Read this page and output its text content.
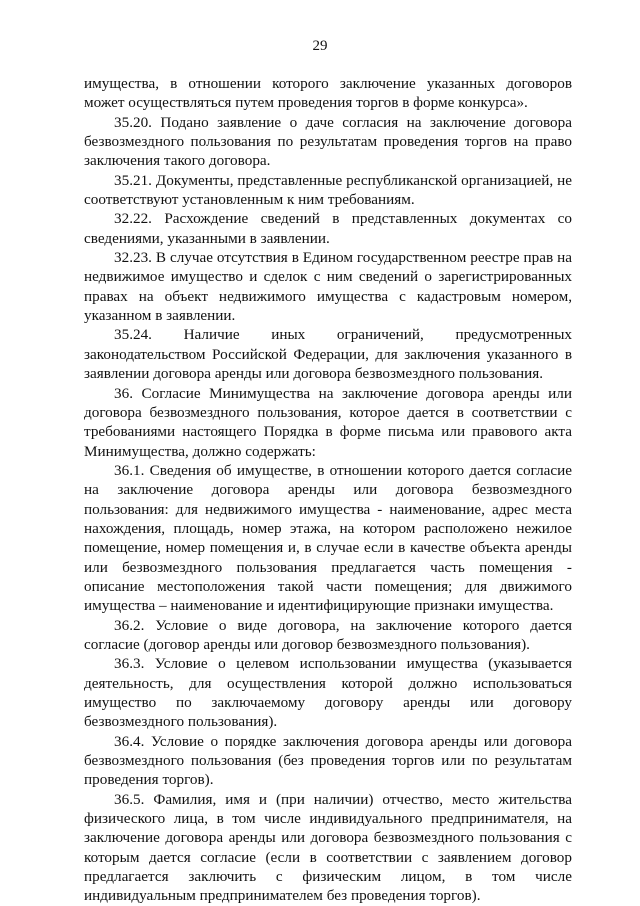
29

имущества, в отношении которого заключение указанных договоров может осуществляться путем проведения торгов в форме конкурса».

35.20. Подано заявление о даче согласия на заключение договора безвозмездного пользования по результатам проведения торгов на право заключения такого договора.

35.21. Документы, представленные республиканской организацией, не соответствуют установленным к ним требованиям.

32.22. Расхождение сведений в представленных документах со сведениями, указанными в заявлении.

32.23. В случае отсутствия в Едином государственном реестре прав на недвижимое имущество и сделок с ним сведений о зарегистрированных правах на объект недвижимого имущества с кадастровым номером, указанном в заявлении.

35.24. Наличие иных ограничений, предусмотренных законодательством Российской Федерации, для заключения указанного в заявлении договора аренды или договора безвозмездного пользования.

36. Согласие Минимущества на заключение договора аренды или договора безвозмездного пользования, которое дается в соответствии с требованиями настоящего Порядка в форме письма или правового акта Минимущества, должно содержать:

36.1. Сведения об имуществе, в отношении которого дается согласие на заключение договора аренды или договора безвозмездного пользования: для недвижимого имущества - наименование, адрес места нахождения, площадь, номер этажа, на котором расположено нежилое помещение, номер помещения и, в случае если в качестве объекта аренды или безвозмездного пользования предлагается часть помещения - описание местоположения такой части помещения; для движимого имущества – наименование и идентифицирующие признаки имущества.

36.2. Условие о виде договора, на заключение которого дается согласие (договор аренды или договор безвозмездного пользования).

36.3. Условие о целевом использовании имущества (указывается деятельность, для осуществления которой должно использоваться имущество по заключаемому договору аренды или договору безвозмездного пользования).

36.4. Условие о порядке заключения договора аренды или договора безвозмездного пользования (без проведения торгов или по результатам проведения торгов).

36.5. Фамилия, имя и (при наличии) отчество, место жительства физического лица, в том числе индивидуального предпринимателя, на заключение договора аренды или договора безвозмездного пользования с которым дается согласие (если в соответствии с заявлением договор предлагается заключить с физическим лицом, в том числе индивидуальным предпринимателем без проведения торгов).
